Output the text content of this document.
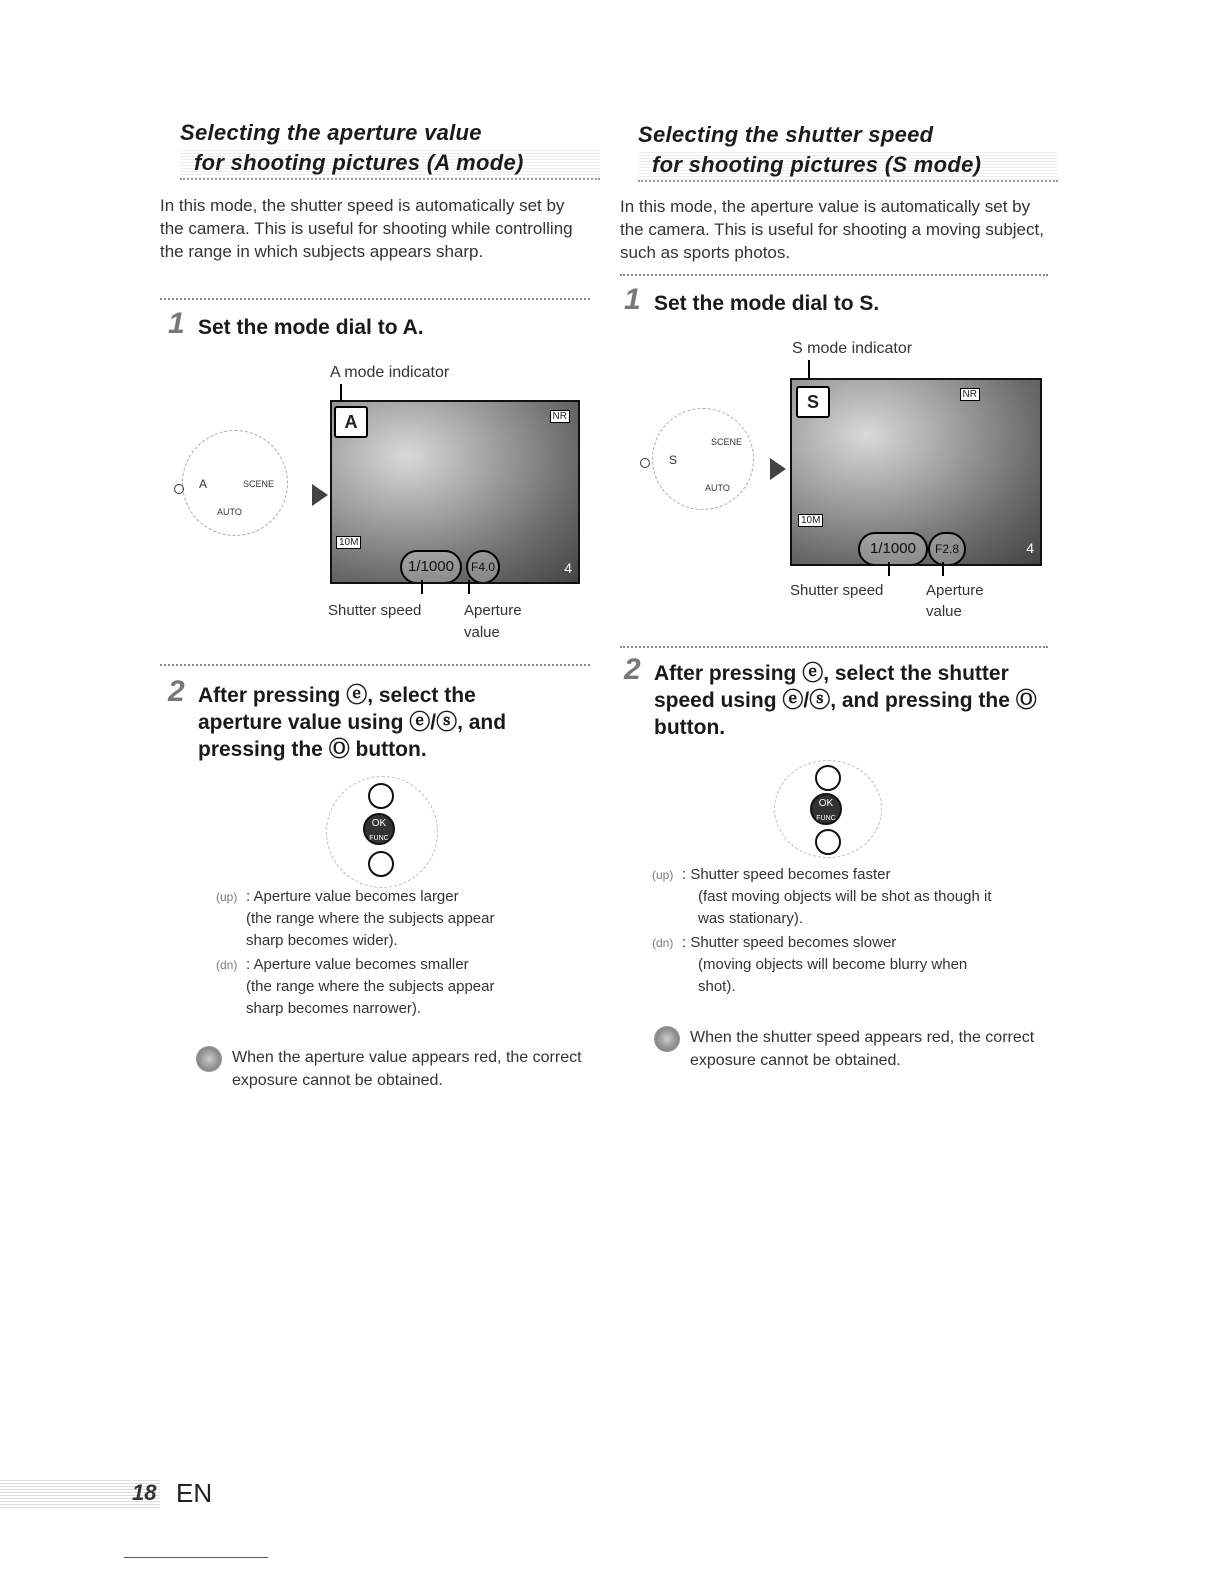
Selecting the aperture value
for shooting pictures (A mode)
In this mode, the shutter speed is automatically set by the camera. This is useful for shooting while controlling the range in which subjects appears sharp.
1 Set the mode dial to A.
A mode indicator
A	SCENE
AUTO
A	NR
10M
1/1000	F4.0	4
Shutter speed	Aperture
value
2 After pressing ⓔ, select the aperture value using ⓔ/ⓢ, and pressing the Ⓞ button.
OK
FUNC
(up) : Aperture value becomes larger
(the range where the subjects appear
sharp becomes wider).
(dn) : Aperture value becomes smaller
(the range where the subjects appear
sharp becomes narrower).
When the aperture value appears red, the correct exposure cannot be obtained.
Selecting the shutter speed
for shooting pictures (S mode)
In this mode, the aperture value is automatically set by the camera. This is useful for shooting a moving subject, such as sports photos.
1 Set the mode dial to S.
S mode indicator
S
SCENE
AUTO
S	NR
10M
1/1000	F2.8	4
Shutter speed	Aperture
value
2 After pressing ⓔ, select the shutter speed using ⓔ/ⓢ, and pressing the Ⓞ button.
OK
FUNC
(up) : Shutter speed becomes faster
(fast moving objects will be shot as though it
was stationary).
(dn) : Shutter speed becomes slower
(moving objects will become blurry when
shot).
When the shutter speed appears red, the correct exposure cannot be obtained.
18 EN
